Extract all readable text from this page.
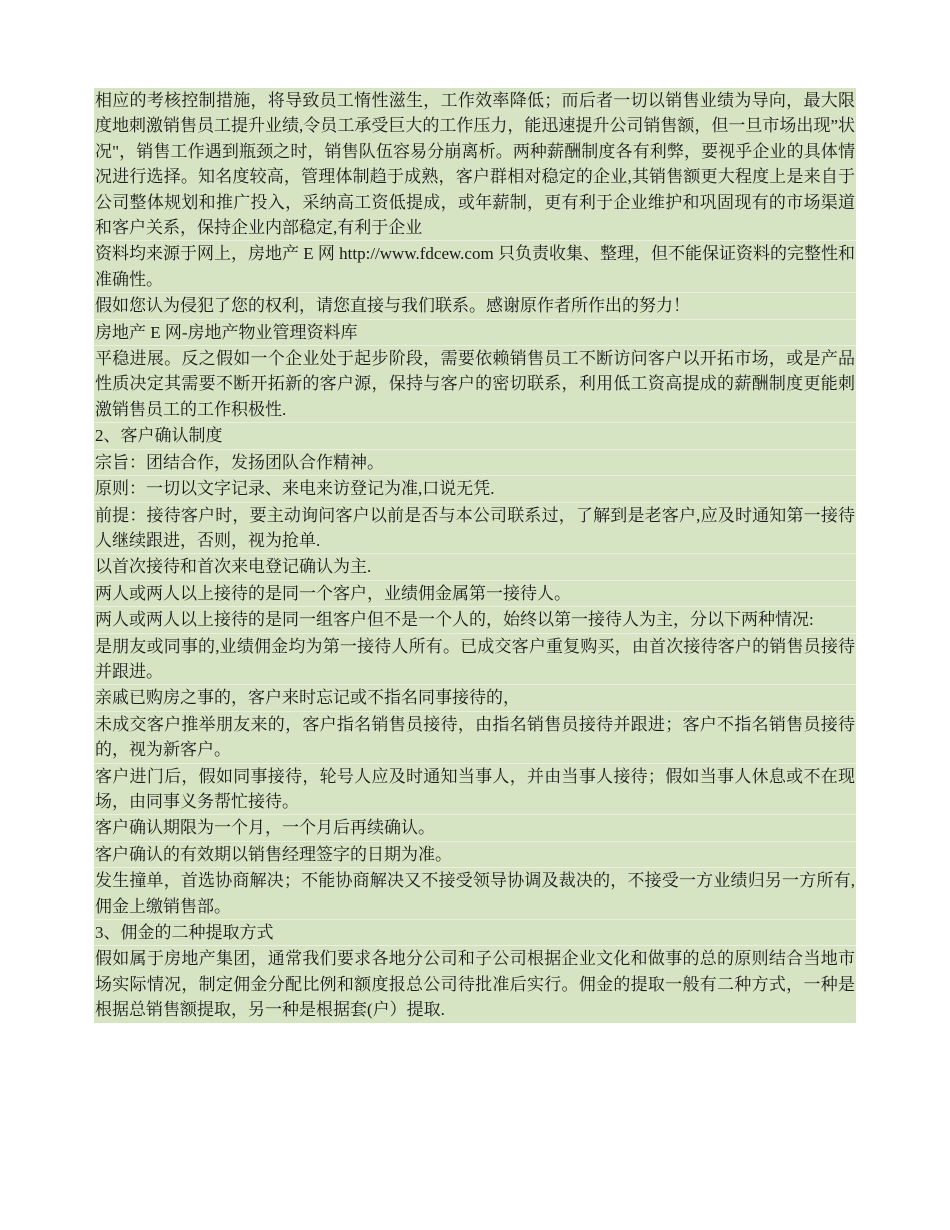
相应的考核控制措施，将导致员工惰性滋生，工作效率降低；而后者一切以销售业绩为导向，最大限度地刺激销售员工提升业绩,令员工承受巨大的工作压力，能迅速提升公司销售额，但一旦市场出现”状况"，销售工作遇到瓶颈之时，销售队伍容易分崩离析。两种薪酬制度各有利弊，要视乎企业的具体情况进行选择。知名度较高，管理体制趋于成熟，客户群相对稳定的企业,其销售额更大程度上是来自于公司整体规划和推广投入，采纳高工资低提成，或年薪制，更有利于企业维护和巩固现有的市场渠道和客户关系，保持企业内部稳定,有利于企业
资料均来源于网上，房地产 E 网 http://www.fdcew.com 只负责收集、整理，但不能保证资料的完整性和准确性。
假如您认为侵犯了您的权利，请您直接与我们联系。感谢原作者所作出的努力！
房地产 E 网-房地产物业管理资料库
平稳进展。反之假如一个企业处于起步阶段，需要依赖销售员工不断访问客户以开拓市场，或是产品性质决定其需要不断开拓新的客户源，保持与客户的密切联系，利用低工资高提成的薪酬制度更能刺激销售员工的工作积极性.
2、客户确认制度
宗旨：团结合作，发扬团队合作精神。
原则：一切以文字记录、来电来访登记为准,口说无凭.
前提：接待客户时，要主动询问客户以前是否与本公司联系过，了解到是老客户,应及时通知第一接待人继续跟进，否则，视为抢单.
以首次接待和首次来电登记确认为主.
两人或两人以上接待的是同一个客户，业绩佣金属第一接待人。
两人或两人以上接待的是同一组客户但不是一个人的，始终以第一接待人为主，分以下两种情况:
是朋友或同事的,业绩佣金均为第一接待人所有。已成交客户重复购买，由首次接待客户的销售员接待并跟进。
亲戚已购房之事的，客户来时忘记或不指名同事接待的，
未成交客户推举朋友来的，客户指名销售员接待，由指名销售员接待并跟进；客户不指名销售员接待的，视为新客户。
客户进门后，假如同事接待，轮号人应及时通知当事人，并由当事人接待；假如当事人休息或不在现场，由同事义务帮忙接待。
客户确认期限为一个月，一个月后再续确认。
客户确认的有效期以销售经理签字的日期为准。
发生撞单，首选协商解决；不能协商解决又不接受领导协调及裁决的，不接受一方业绩归另一方所有,佣金上缴销售部。
3、佣金的二种提取方式
假如属于房地产集团，通常我们要求各地分公司和子公司根据企业文化和做事的总的原则结合当地市场实际情况，制定佣金分配比例和额度报总公司待批准后实行。佣金的提取一般有二种方式，一种是根据总销售额提取，另一种是根据套(户）提取.
